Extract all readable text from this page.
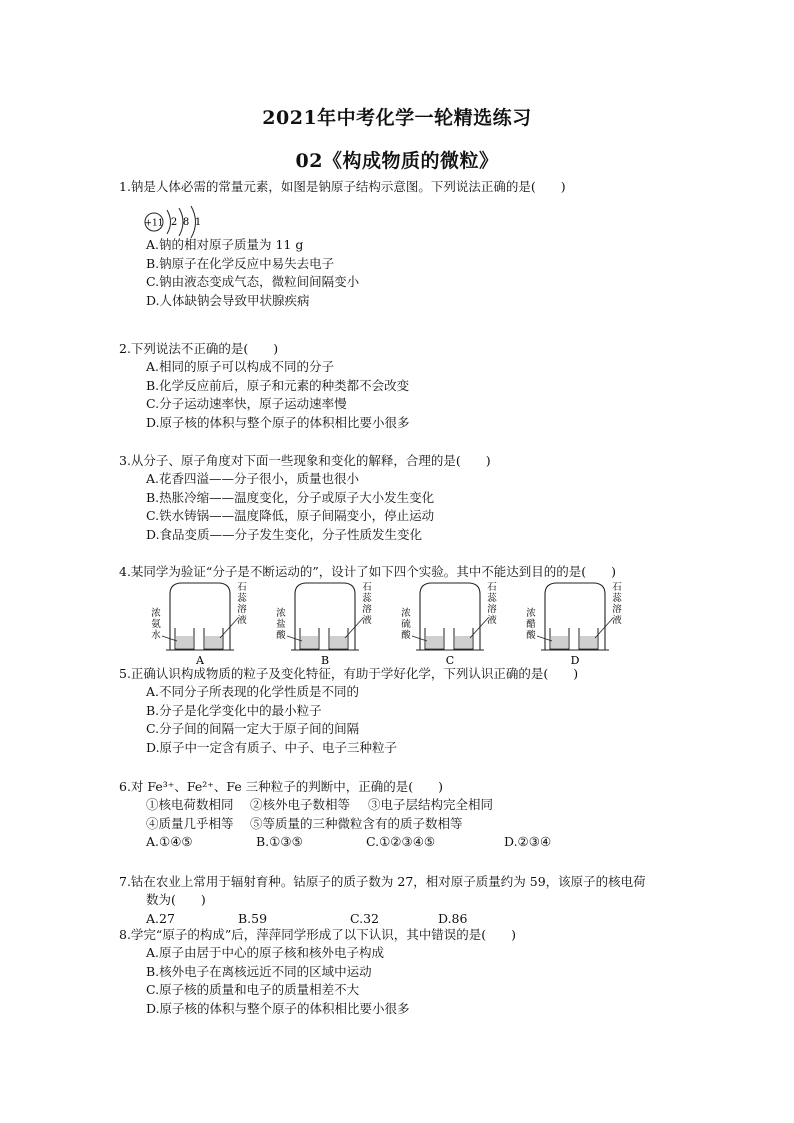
2021年中考化学一轮精选练习
02《构成物质的微粒》
1.钠是人体必需的常量元素，如图是钠原子结构示意图。下列说法正确的是(　　)
A.钠的相对原子质量为 11 g
B.钠原子在化学反应中易失去电子
C.钠由液态变成气态，微粒间间隔变小
D.人体缺钠会导致甲状腺疾病
+11 2 8 1
2.下列说法不正确的是(　　)
A.相同的原子可以构成不同的分子
B.化学反应前后，原子和元素的种类都不会改变
C.分子运动速率快，原子运动速率慢
D.原子核的体积与整个原子的体积相比要小很多
3.从分子、原子角度对下面一些现象和变化的解释，合理的是(　　)
A.花香四溢——分子很小，质量也很小
B.热胀冷缩——温度变化，分子或原子大小发生变化
C.铁水铸锅——温度降低，原子间隔变小，停止运动
D.食品变质——分子发生变化，分子性质发生变化
4.某同学为验证“分子是不断运动的”，设计了如下四个实验。其中不能达到目的的是(　　)
浓氨水
石蕊溶液
A
浓盐酸
石蕊溶液
B
浓硫酸
石蕊溶液
C
浓醋酸
石蕊溶液
D
5.正确认识构成物质的粒子及变化特征，有助于学好化学，下列认识正确的是(　　)
A.不同分子所表现的化学性质是不同的
B.分子是化学变化中的最小粒子
C.分子间的间隔一定大于原子间的间隔
D.原子中一定含有质子、中子、电子三种粒子
6.对 Fe³⁺、Fe²⁺、Fe 三种粒子的判断中，正确的是(　　)
①核电荷数相同 ②核外电子数相等 ③电子层结构完全相同
④质量几乎相等 ⑤等质量的三种微粒含有的质子数相等
A.①④⑤	B.①③⑤	C.①②③④⑤	D.②③④
7.钴在农业上常用于辐射育种。钴原子的质子数为 27，相对原子质量约为 59，该原子的核电荷
数为(　　)
A.27	B.59	C.32	D.86
8.学完“原子的构成”后，萍萍同学形成了以下认识，其中错误的是(　　)
A.原子由居于中心的原子核和核外电子构成
B.核外电子在离核远近不同的区域中运动
C.原子核的质量和电子的质量相差不大
D.原子核的体积与整个原子的体积相比要小很多
